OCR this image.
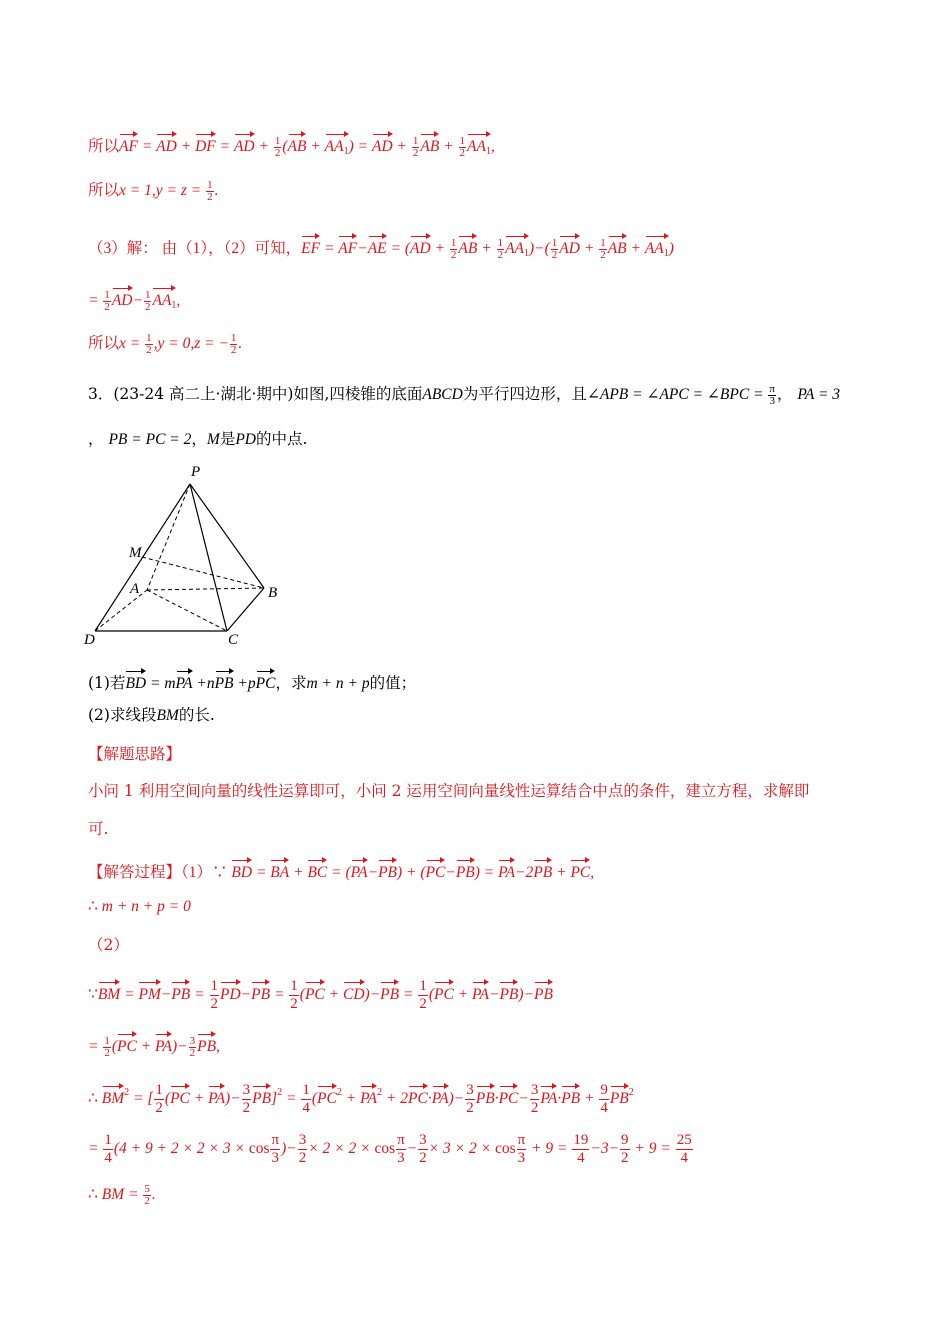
所以AF = AD + DF = AD + $\frac{1}{2} (AB + AA_1)$ = AD + $\frac{1}{2}$ AB + $\frac{1}{2} AA_1$,
所以$x = 1,y = z = \frac{1}{2}$ .
（3）解： 由（1），（2）可知，EF = $AF-AE = (AD + \frac{1}{2}$ AB + $\frac{1}{2} AA_1)-( \frac{1}{2}$ AD + $\frac{1}{2}$ AB + $AA_1$)
= $\frac{1}{2} AD- \frac{1}{2} AA_1$,
所以$x = \frac{1}{2} ,y = 0,z$ = − $\frac{1}{2}$ .
3．(23-24 高二上·湖北·期中)如图,四棱锥的底面ABCD为平行四边形，且∠APB = ∠APC = ∠BPC = $\frac{\pi}{3}$ ， PA = 3
， PB = PC = 2，M是PD的中点.
P
M
A	B
D	C
(1)若BD = mPA +nPB +pPC，求m + n + p的值；
(2)求线段BM的长.
【解题思路】
小问 1 利用空间向量的线性运算即可，小问 2 运用空间向量线性运算结合中点的条件，建立方程，求解即
可.
【解答过程】（1）∵ BD = BA + BC = (PA−PB) + (PC−PB) = PA−2PB + PC,
∴ m + n + p = 0
（2）
∵BM = $PM-PB = \frac{1}{2} PD-PB = \frac{1}{2} (PC + CD)-PB = \frac{1}{2} (PC + PA-PB)-PB$
= $\frac{1}{2} (PC + PA)- \frac{3}{2}$ PB,
∴ $BM^2$ = [ $\frac{1}{2} (PC + PA)- \frac{3}{2} PB]^2 = \frac{1}{4} (PC^2 + PA^2 + 2PC\cdot PA)- \frac{3}{2} PB\cdot PC- \frac{3}{2} PA\cdot PB + \frac{9}{4} PB^2$
= $\frac{1}{4} (4 + 9 + 2 \times 2 \times 3 \times \cos \frac{\pi}{3}$ )− $\frac{3}{2} \times 2 \times 2 \times \cos \frac{\pi}{3} - \frac{3}{2} \times 3 \times 2 \times \cos \frac{\pi}{3} + 9 = \frac{19}{4} -3- \frac{9}{2} + 9 = \frac{25}{4}$
∴ BM = $\frac{5}{2}$ .
